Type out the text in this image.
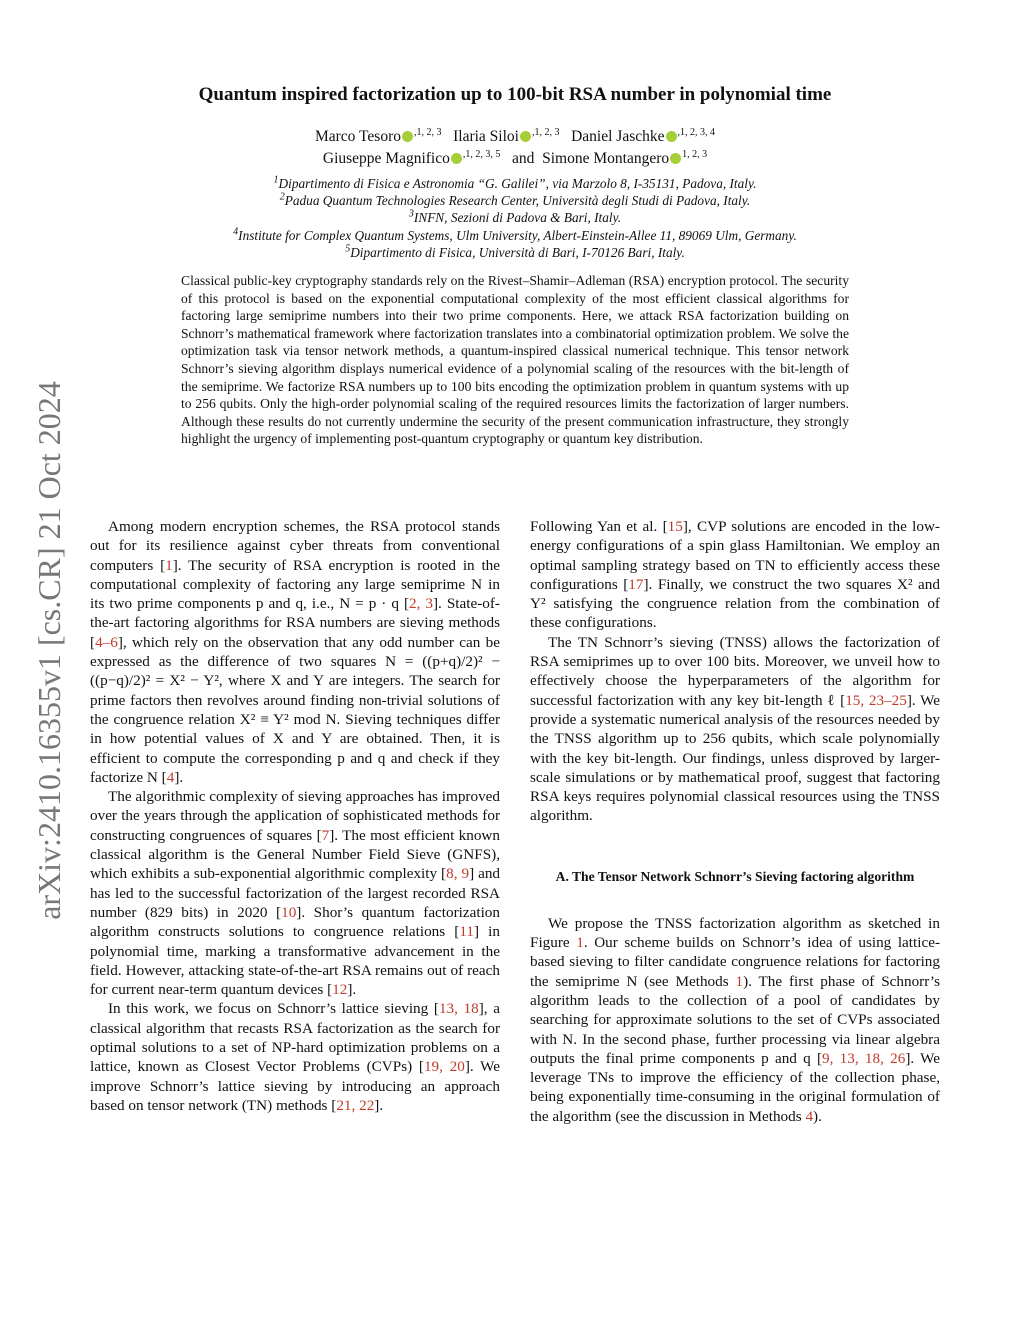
arXiv:2410.16355v1 [cs.CR] 21 Oct 2024
Quantum inspired factorization up to 100-bit RSA number in polynomial time
Marco Tesoro $^{,1, 2, 3}$ Ilaria Siloi $^{,1, 2, 3}$ Daniel Jaschke $^{,1, 2, 3, 4}$
Giuseppe Magnifico $^{,1, 2, 3, 5}$ and Simone Montangero $^{1, 2, 3}$
$^1$Dipartimento di Fisica e Astronomia “G. Galilei”, via Marzolo 8, I-35131, Padova, Italy.
$^2$Padua Quantum Technologies Research Center, Università degli Studi di Padova, Italy.
$^3$INFN, Sezioni di Padova & Bari, Italy.
$^4$Institute for Complex Quantum Systems, Ulm University, Albert-Einstein-Allee 11, 89069 Ulm, Germany.
$^5$Dipartimento di Fisica, Università di Bari, I-70126 Bari, Italy.
Classical public-key cryptography standards rely on the Rivest–Shamir–Adleman (RSA) encryption protocol. The security of this protocol is based on the exponential computational complexity of the most efficient classical algorithms for factoring large semiprime numbers into their two prime components. Here, we attack RSA factorization building on Schnorr’s mathematical framework where factorization translates into a combinatorial optimization problem. We solve the optimization task via tensor network methods, a quantum-inspired classical numerical technique. This tensor network Schnorr’s sieving algorithm displays numerical evidence of a polynomial scaling of the resources with the bit-length of the semiprime. We factorize RSA numbers up to 100 bits encoding the optimization problem in quantum systems with up to 256 qubits. Only the high-order polynomial scaling of the required resources limits the factorization of larger numbers. Although these results do not currently undermine the security of the present communication infrastructure, they strongly highlight the urgency of implementing post-quantum cryptography or quantum key distribution.

Among modern encryption schemes, the RSA protocol stands out for its resilience against cyber threats from conventional computers [1]. The security of RSA encryption is rooted in the computational complexity of factoring any large semiprime N in its two prime components p and q, i.e., N = p · q [2, 3]. State-of-the-art factoring algorithms for RSA numbers are sieving methods [4–6], which rely on the observation that any odd number can be expressed as the difference of two squares N = ((p+q)/2)² − ((p−q)/2)² = X² − Y², where X and Y are integers. The search for prime factors then revolves around finding non-trivial solutions of the congruence relation X² ≡ Y² mod N. Sieving techniques differ in how potential values of X and Y are obtained. Then, it is efficient to compute the corresponding p and q and check if they factorize N [4].

The algorithmic complexity of sieving approaches has improved over the years through the application of sophisticated methods for constructing congruences of squares [7]. The most efficient known classical algorithm is the General Number Field Sieve (GNFS), which exhibits a sub-exponential algorithmic complexity [8, 9] and has led to the successful factorization of the largest recorded RSA number (829 bits) in 2020 [10]. Shor’s quantum factorization algorithm constructs solutions to congruence relations [11] in polynomial time, marking a transformative advancement in the field. However, attacking state-of-the-art RSA remains out of reach for current near-term quantum devices [12].

In this work, we focus on Schnorr’s lattice sieving [13, 18], a classical algorithm that recasts RSA factorization as the search for optimal solutions to a set of NP-hard optimization problems on a lattice, known as Closest Vector Problems (CVPs) [19, 20]. We improve Schnorr’s lattice sieving by introducing an approach based on tensor network (TN) methods [21, 22].

Following Yan et al. [15], CVP solutions are encoded in the low-energy configurations of a spin glass Hamiltonian. We employ an optimal sampling strategy based on TN to efficiently access these configurations [17]. Finally, we construct the two squares X² and Y² satisfying the congruence relation from the combination of these configurations.

The TN Schnorr’s sieving (TNSS) allows the factorization of RSA semiprimes up to over 100 bits. Moreover, we unveil how to effectively choose the hyperparameters of the algorithm for successful factorization with any key bit-length ℓ [15, 23–25]. We provide a systematic numerical analysis of the resources needed by the TNSS algorithm up to 256 qubits, which scale polynomially with the key bit-length. Our findings, unless disproved by larger-scale simulations or by mathematical proof, suggest that factoring RSA keys requires polynomial classical resources using the TNSS algorithm.

A. The Tensor Network Schnorr’s Sieving factoring algorithm

We propose the TNSS factorization algorithm as sketched in Figure 1. Our scheme builds on Schnorr’s idea of using lattice-based sieving to filter candidate congruence relations for factoring the semiprime N (see Methods 1). The first phase of Schnorr’s algorithm leads to the collection of a pool of candidates by searching for approximate solutions to the set of CVPs associated with N. In the second phase, further processing via linear algebra outputs the final prime components p and q [9, 13, 18, 26]. We leverage TNs to improve the efficiency of the collection phase, being exponentially time-consuming in the original formulation of the algorithm (see the discussion in Methods 4).
